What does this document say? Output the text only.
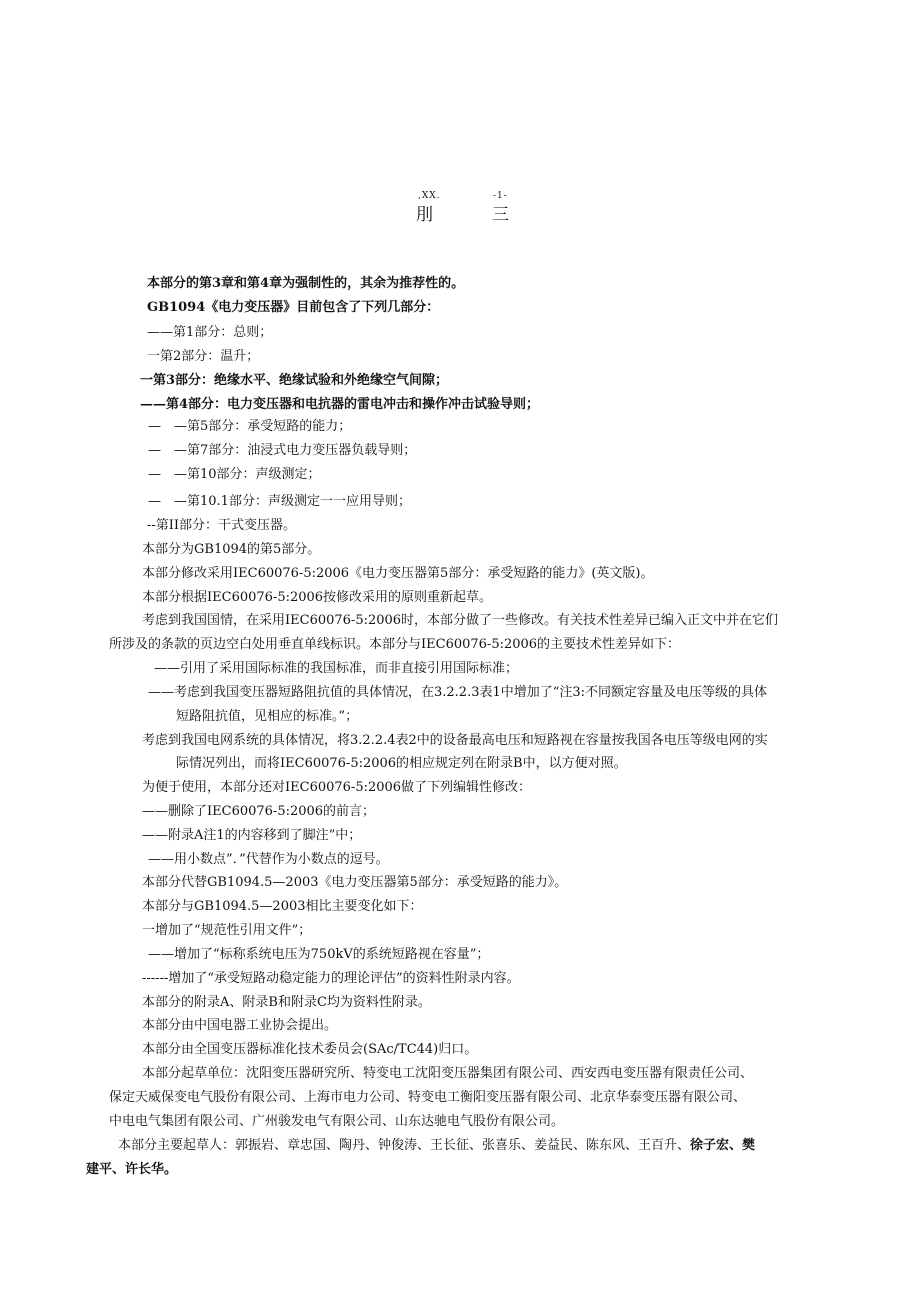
,XX.	-1-
刖	三
本部分的第3章和第4章为强制性的，其余为推荐性的。
GB1094《电力变压器》目前包含了下列几部分：
——第1部分：总则；
一第2部分：温升；
一第3部分：绝缘水平、绝缘试验和外绝缘空气间隙；
——第4部分：电力变压器和电抗器的雷电冲击和操作冲击试验导则；
—　—第5部分：承受短路的能力；
—　—第7部分：油浸式电力变压器负载导则；
—　—第10部分：声级测定；
—　—第10.1部分：声级测定一一应用导则；
--第II部分：干式变压器。
本部分为GB1094的第5部分。
本部分修改采用IEC60076-5:2006《电力变压器第5部分：承受短路的能力》(英文版)。
本部分根据IEC60076-5:2006按修改采用的原则重新起草。
考虑到我国国情，在采用IEC60076-5:2006时，本部分做了一些修改。有关技术性差异已编入正文中并在它们
所涉及的条款的页边空白处用垂直单线标识。本部分与IEC60076-5:2006的主要技术性差异如下：
——引用了采用国际标准的我国标准，而非直接引用国际标准；
——考虑到我国变压器短路阻抗值的具体情况，在3.2.2.3表1中增加了“注3:不同额定容量及电压等级的具体
短路阻抗值，见相应的标准。”；
考虑到我国电网系统的具体情况，将3.2.2.4表2中的设备最高电压和短路视在容量按我国各电压等级电网的实
际情况列出，而将IEC60076-5:2006的相应规定列在附录B中，以方便对照。
为便于使用，本部分还对IEC60076-5:2006做了下列编辑性修改：
——删除了IEC60076-5:2006的前言；
——附录A注1的内容移到了脚注”中；
——用小数点”．”代替作为小数点的逗号。
本部分代替GB1094.5—2003《电力变压器第5部分：承受短路的能力》。
本部分与GB1094.5—2003相比主要变化如下：
一增加了“规范性引用文件”；
——增加了“标称系统电压为750kV的系统短路视在容量”；
------增加了“承受短路动稳定能力的理论评估”的资料性附录内容。
本部分的附录A、附录B和附录C均为资料性附录。
本部分由中国电器工业协会提出。
本部分由全国变压器标准化技术委员会(SAc/TC44)归口。
本部分起草单位：沈阳变压器研究所、特变电工沈阳变压器集团有限公司、西安西电变压器有限责任公司、
保定天威保变电气股份有限公司、上海市电力公司、特变电工衡阳变压器有限公司、北京华泰变压器有限公司、
中电电气集团有限公司、广州骏发电气有限公司、山东达驰电气股份有限公司。
本部分主要起草人：郭振岩、章忠国、陶丹、钟俊涛、王长征、张喜乐、姜益民、陈东风、王百升、徐子宏、樊
建平、许长华。
